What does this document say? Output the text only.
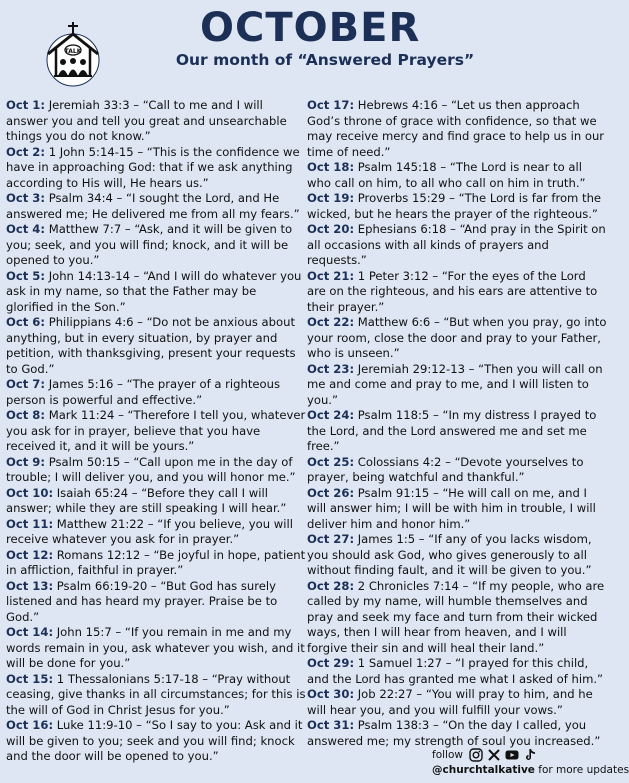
TALK
OCTOBER
Our month of “Answered Prayers”

Oct 1: Jeremiah 33:3 – “Call to me and I will answer you and tell you great and unsearchable things you do not know.”

Oct 2: 1 John 5:14-15 – “This is the confidence we have in approaching God: that if we ask anything according to His will, He hears us.”

Oct 3: Psalm 34:4 – “I sought the Lord, and He answered me; He delivered me from all my fears.”

Oct 4: Matthew 7:7 – “Ask, and it will be given to you; seek, and you will find; knock, and it will be opened to you.”

Oct 5: John 14:13-14 – “And I will do whatever you ask in my name, so that the Father may be glorified in the Son.”

Oct 6: Philippians 4:6 – “Do not be anxious about anything, but in every situation, by prayer and petition, with thanksgiving, present your requests to God.”

Oct 7: James 5:16 – “The prayer of a righteous person is powerful and effective.”

Oct 8: Mark 11:24 – “Therefore I tell you, whatever you ask for in prayer, believe that you have received it, and it will be yours.”

Oct 9: Psalm 50:15 – “Call upon me in the day of trouble; I will deliver you, and you will honor me.”

Oct 10: Isaiah 65:24 – “Before they call I will answer; while they are still speaking I will hear.”

Oct 11: Matthew 21:22 – “If you believe, you will receive whatever you ask for in prayer.”

Oct 12: Romans 12:12 – “Be joyful in hope, patient in affliction, faithful in prayer.”

Oct 13: Psalm 66:19-20 – “But God has surely listened and has heard my prayer. Praise be to God.”

Oct 14: John 15:7 – “If you remain in me and my words remain in you, ask whatever you wish, and it will be done for you.”

Oct 15: 1 Thessalonians 5:17-18 – “Pray without ceasing, give thanks in all circumstances; for this is the will of God in Christ Jesus for you.”

Oct 16: Luke 11:9-10 – “So I say to you: Ask and it will be given to you; seek and you will find; knock and the door will be opened to you.”

Oct 17: Hebrews 4:16 – “Let us then approach God’s throne of grace with confidence, so that we may receive mercy and find grace to help us in our time of need.”

Oct 18: Psalm 145:18 – “The Lord is near to all who call on him, to all who call on him in truth.”

Oct 19: Proverbs 15:29 – “The Lord is far from the wicked, but he hears the prayer of the righteous.”

Oct 20: Ephesians 6:18 – “And pray in the Spirit on all occasions with all kinds of prayers and requests.”

Oct 21: 1 Peter 3:12 – “For the eyes of the Lord are on the righteous, and his ears are attentive to their prayer.”

Oct 22: Matthew 6:6 – “But when you pray, go into your room, close the door and pray to your Father, who is unseen.”

Oct 23: Jeremiah 29:12-13 – “Then you will call on me and come and pray to me, and I will listen to you.”

Oct 24: Psalm 118:5 – “In my distress I prayed to the Lord, and the Lord answered me and set me free.”

Oct 25: Colossians 4:2 – “Devote yourselves to prayer, being watchful and thankful.”

Oct 26: Psalm 91:15 – “He will call on me, and I will answer him; I will be with him in trouble, I will deliver him and honor him.”

Oct 27: James 1:5 – “If any of you lacks wisdom, you should ask God, who gives generously to all without finding fault, and it will be given to you.”

Oct 28: 2 Chronicles 7:14 – “If my people, who are called by my name, will humble themselves and pray and seek my face and turn from their wicked ways, then I will hear from heaven, and I will forgive their sin and will heal their land.”

Oct 29: 1 Samuel 1:27 – “I prayed for this child, and the Lord has granted me what I asked of him.”

Oct 30: Job 22:27 – “You will pray to him, and he will hear you, and you will fulfill your vows.”

Oct 31: Psalm 138:3 – “On the day I called, you answered me; my strength of soul you increased.”

follow
@churchtalkative for more updates
